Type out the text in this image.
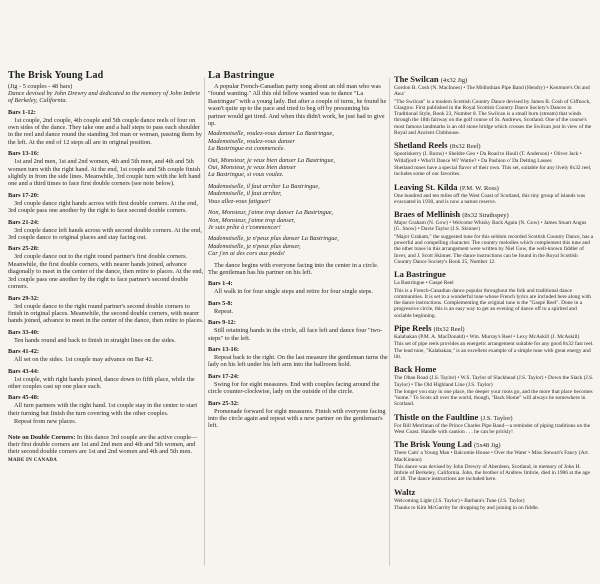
The Brisk Young Lad

(Jig - 5 couples - 48 bars)

Dance devised by John Drewry and dedicated to the memory of John Imbrie of Berkeley, California.

Bars 1-12:

1st couple, 2nd couple, 4th couple and 5th couple dance reels of four on own sides of the dance. They take one and a half steps to pass each shoulder in the reel and dance round the standing 3rd man or woman, passing them by the left. At the end of 12 steps all are in original position.

Bars 13-16:

1st and 2nd men, 1st and 2nd women, 4th and 5th men, and 4th and 5th women turn with the right hand. At the end, 1st couple and 5th couple finish slightly in from the side lines. Meanwhile, 3rd couple turn with the left hand one and a third times to face first double corners (see note below).

Bars 17-20:

3rd couple dance right hands across with first double corners. At the end, 3rd couple pass one another by the right to face second double corners.

Bars 21-24:

3rd couple dance left hands across with second double corners. At the end, 3rd couple dance to original places and stay facing out.

Bars 25-28:

3rd couple dance out to the right round partner's first double corners. Meanwhile, the first double corners, with nearer hands joined, advance diagonally to meet in the center of the dance, then retire to places. At the end, 3rd couple pass one another by the right to face partner's second double corners.

Bars 29-32:

3rd couple dance to the right round partner's second double corners to finish in original places. Meanwhile, the second double corners, with nearer hands joined, advance to meet in the center of the dance, then retire to places.

Bars 33-40:

Ten hands round and back to finish in straight lines on the sides.

Bars 41-42:

All set on the sides. 1st couple may advance on Bar 42.

Bars 43-44:

1st couple, with right hands joined, dance down to fifth place, while the other couples cast up one place each.

Bars 45-48:

All turn partners with the right hand. 1st couple stay in the center to start their turning but finish the turn covering with the other couples.

Repeat from new places.

Note on Double Corners: In this dance 3rd couple are the active couple—their first double corners are 1st and 2nd men and 4th and 5th women, and their second double corners are 1st and 2nd women and 4th and 5th men. MADE IN CANADA

La Bastringue

A popular French-Canadian party song about an old man who was "found wanting." All this old fellow wanted was to dance "La Bastringue" with a young lady. But after a couple of turns, he found he wasn't quite up to the pace and tried to beg off by presuming his partner would get tired. And when this didn't work, he just had to give up.

Mademoiselle, voulez-vous danser La Bastringue,

Mademoiselle, voulez-vous danser

La Bastringue est commencée.

Oui, Monsieur, je veux bien danser La Bastringue,

Oui, Monsieur, je veux bien danser

La Bastringue, si vous voulez.

Mademoiselle, il faut arrêter La Bastringue,

Mademoiselle, il faut arrêter,

Vous allez-vous fatiguer!

Non, Monsieur, j'aime trop danser La Bastringue,

Non, Monsieur, j'aime trop danser,

Je suis prête à r'commencer!

Mademoiselle, je n'peux plus danser La Bastringue,

Mademoiselle, je n'peux plus danser,

Car j'en ai des cors aux pieds!

The dance begins with everyone facing into the center in a circle. The gentleman has his partner on his left.

Bars 1-4:

All walk in for four single steps and retire for four single steps.

Bars 5-8:

Repeat.

Bars 9-12:

Still retaining hands in the circle, all face left and dance four "two-steps" to the left.

Bars 13-16:

Repeat back to the right. On the last measure the gentleman turns the lady on his left under his left arm into the ballroom hold.

Bars 17-24:

Swing for for eight measures. End with couples facing around the circle counter-clockwise, lady on the outside of the circle.

Bars 25-32:

Promenade forward for eight measures. Finish with everyone facing into the circle again and repeat with a new partner on the gentleman's left.

The Swilcan (4x32 Jig)

Gordon B. Cosh (N. MacInnes) • The Midlothian Pipe Band (Hendry) • Kenmure's On and Awa'

"The Swilcan" is a modern Scottish Country Dance devised by James B. Cosh of Giffnock, Glasgow. First published in the Royal Scottish Country Dance Society's Dances in Traditional Style, Book 23, Number 8. The Swilcan is a small burn (stream) that winds through the 18th fairway on the golf course of St. Andrews, Scotland. One of the course's most famous landmarks is an old stone bridge which crosses the Swilcan just in view of the Royal and Ancient Clubhouse.

Shetland Reels (8x32 Reel)

Spootiskerry (I. Burns) • Sheldre Geo • Da Road to Houll (T. Anderson) • Oliver Jack • Willafjord • Who'll Dance Wi' Wattie? • Da Pashion o' Da Delting Lasses

Shetland tunes have a special flavor of their own. This set, suitable for any lively 8x32 reel, includes some of our favorites.

Leaving St. Kilda (P.M. W. Ross)

One hundred and ten miles off the West Coast of Scotland, this tiny group of islands was evacuated in 1930, and is now a nature reserve.

Braes of Mellinish (8x32 Strathspey)

Major Graham (N. Gow) • Welcome Whisky Back Again (N. Gow) • James Stuart Angus (G. Snow) • Davie Taylor (J.S. Skinner)

"Major Graham," the suggested tune for this seldom recorded Scottish Country Dance, has a powerful and compelling character. The country melodies which complement this tune and the other tunes in this arrangement were written by Niel Gow, the well-known fiddler of Inver, and J. Scott Skinner. The dance instructions can be found in the Royal Scottish Country Dance Society's Book 25, Number 12.

La Bastringue

La Bastringue • Gaspé Reel

This is a French-Canadian dance popular throughout the folk and traditional dance communities. It is set to a wonderful tune whose French lyrics are included here along with the dance instructions. Complementing the original tune is the "Gaspé Reel". Done in a progressive circle, this is an easy way to get an evening of dance off to a spirited and sociable beginning.

Pipe Reels (8x32 Reel)

Kalabakan (P.M. A. MacDonald) • Wm. Murray's Reel • Lexy McAskill (J. McAskill)

This set of pipe reels provides an energetic arrangement suitable for any good 8x32 fast reel. The lead tune, "Kalabakan," is an excellent example of a simple tune with great energy and lilt.

Back Home

The Oban Road (J.S. Taylor) • W.S. Taylor of Slackhead (J.S. Taylor) • Down the Slack (J.S. Taylor) • The Old Highland Line (J.S. Taylor)

The longer you stay in one place, the deeper your roots go, and the more that place becomes "home." To Scots all over the world, though, "Back Home" will always be somewhere in Scotland.

Thistle on the Faultline (J.S. Taylor)

For Bill Merriman of the Prince Charles Pipe Band—a reminder of piping traditions on the West Coast. Handle with caution . . . he can be prickly!

The Brisk Young Lad (5x48 Jig)

There Cam' a Young Man • Balcomie House • Over the Water • Miss Stewart's Fancy (Arr. MacKinnon)

This dance was devised by John Drewry of Aberdeen, Scotland, in memory of John H. Imbrie of Berkeley, California. John, the brother of Andrew Imbrie, died in 1986 at the age of 18. The dance instructions are included here.

Waltz

Welcoming Light (J.S. Taylor) • Barbara's Tune (J.S. Taylor)

Thanks to Kim McGarrity for dropping by and joining in on fiddle.
